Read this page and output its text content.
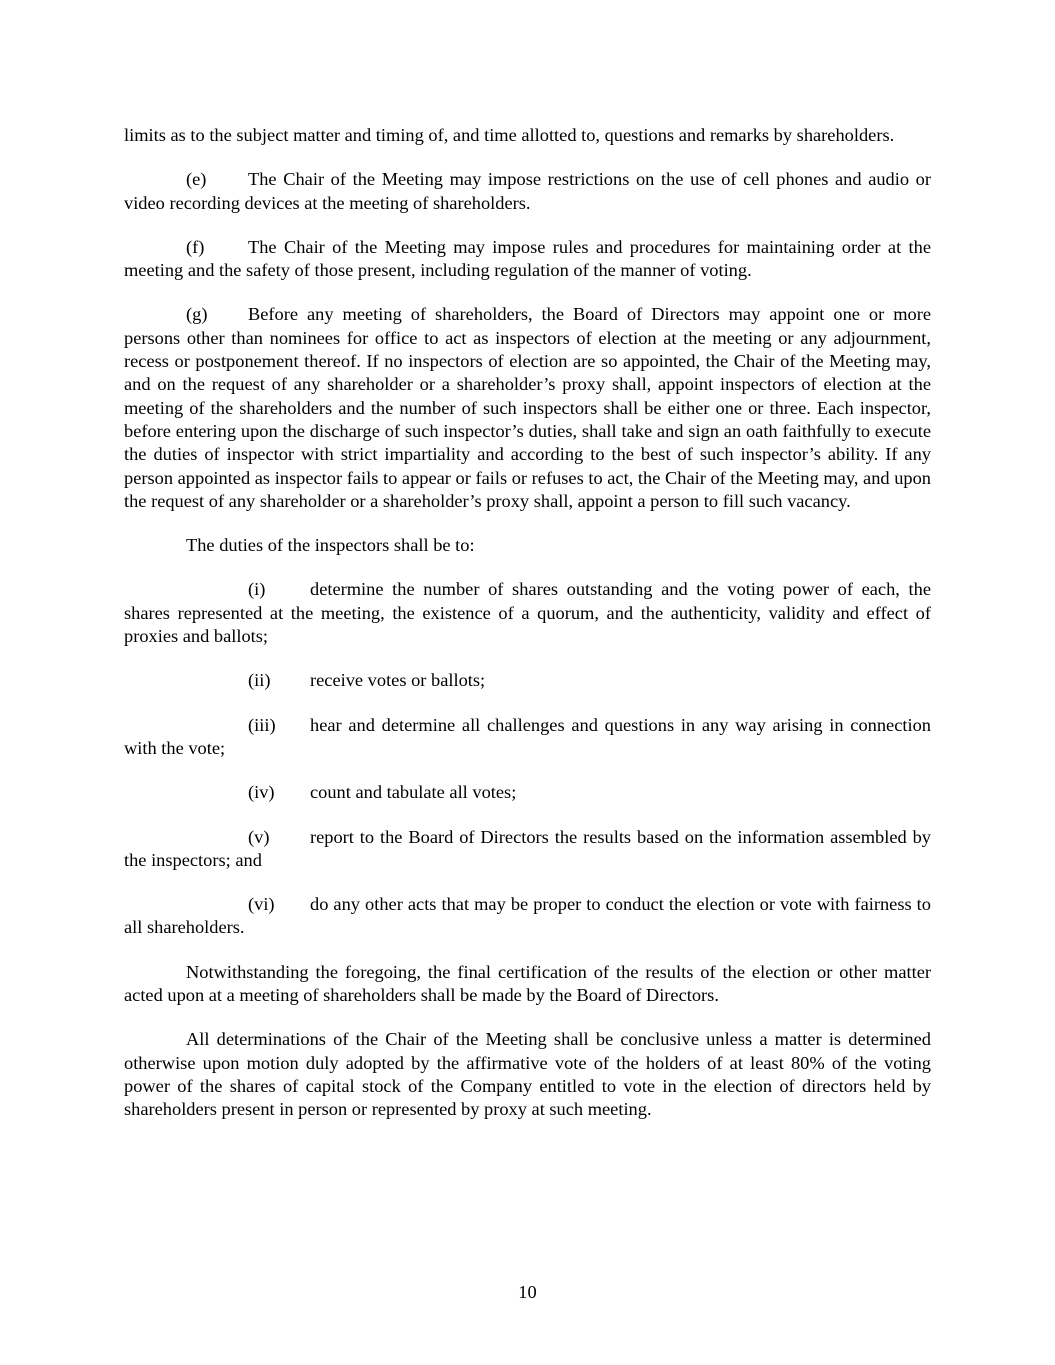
limits as to the subject matter and timing of, and time allotted to, questions and remarks by shareholders.

(e) The Chair of the Meeting may impose restrictions on the use of cell phones and audio or video recording devices at the meeting of shareholders.

(f) The Chair of the Meeting may impose rules and procedures for maintaining order at the meeting and the safety of those present, including regulation of the manner of voting.

(g) Before any meeting of shareholders, the Board of Directors may appoint one or more persons other than nominees for office to act as inspectors of election at the meeting or any adjournment, recess or postponement thereof. If no inspectors of election are so appointed, the Chair of the Meeting may, and on the request of any shareholder or a shareholder’s proxy shall, appoint inspectors of election at the meeting of the shareholders and the number of such inspectors shall be either one or three. Each inspector, before entering upon the discharge of such inspector’s duties, shall take and sign an oath faithfully to execute the duties of inspector with strict impartiality and according to the best of such inspector’s ability. If any person appointed as inspector fails to appear or fails or refuses to act, the Chair of the Meeting may, and upon the request of any shareholder or a shareholder’s proxy shall, appoint a person to fill such vacancy.

The duties of the inspectors shall be to:

(i) determine the number of shares outstanding and the voting power of each, the shares represented at the meeting, the existence of a quorum, and the authenticity, validity and effect of proxies and ballots;

(ii) receive votes or ballots;

(iii) hear and determine all challenges and questions in any way arising in connection with the vote;

(iv) count and tabulate all votes;

(v) report to the Board of Directors the results based on the information assembled by the inspectors; and

(vi) do any other acts that may be proper to conduct the election or vote with fairness to all shareholders.

Notwithstanding the foregoing, the final certification of the results of the election or other matter acted upon at a meeting of shareholders shall be made by the Board of Directors.

All determinations of the Chair of the Meeting shall be conclusive unless a matter is determined otherwise upon motion duly adopted by the affirmative vote of the holders of at least 80% of the voting power of the shares of capital stock of the Company entitled to vote in the election of directors held by shareholders present in person or represented by proxy at such meeting.

10
